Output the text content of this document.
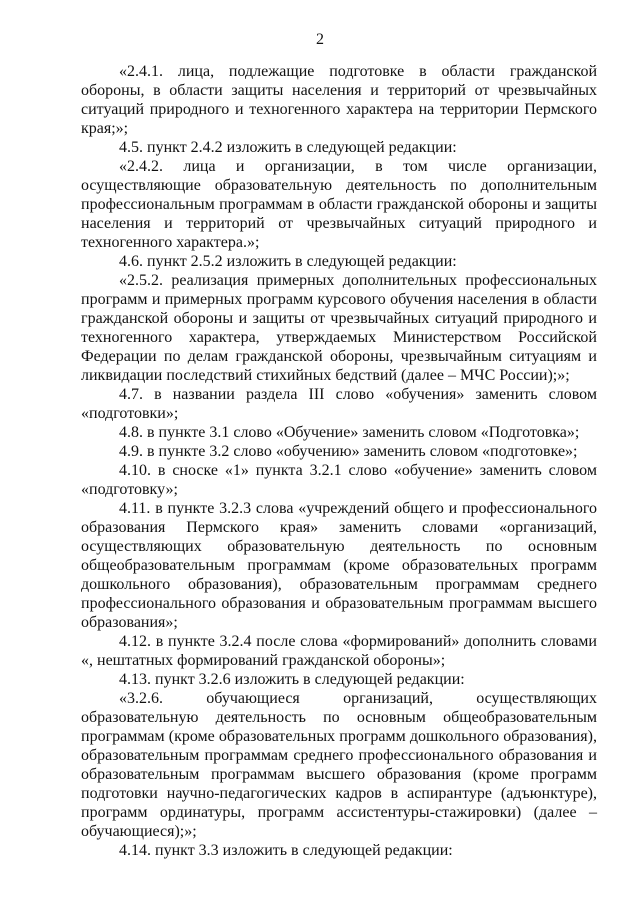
2

«2.4.1. лица, подлежащие подготовке в области гражданской обороны, в области защиты населения и территорий от чрезвычайных ситуаций природного и техногенного характера на территории Пермского края;»;

4.5. пункт 2.4.2 изложить в следующей редакции:

«2.4.2. лица и организации, в том числе организации, осуществляющие образовательную деятельность по дополнительным профессиональным программам в области гражданской обороны и защиты населения и территорий от чрезвычайных ситуаций природного и техногенного характера.»;

4.6. пункт 2.5.2 изложить в следующей редакции:

«2.5.2. реализация примерных дополнительных профессиональных программ и примерных программ курсового обучения населения в области гражданской обороны и защиты от чрезвычайных ситуаций природного и техногенного характера, утверждаемых Министерством Российской Федерации по делам гражданской обороны, чрезвычайным ситуациям и ликвидации последствий стихийных бедствий (далее – МЧС России);»;

4.7. в названии раздела III слово «обучения» заменить словом «подготовки»;

4.8. в пункте 3.1 слово «Обучение» заменить словом «Подготовка»;

4.9. в пункте 3.2 слово «обучению» заменить словом «подготовке»;

4.10. в сноске «1» пункта 3.2.1 слово «обучение» заменить словом «подготовку»;

4.11. в пункте 3.2.3 слова «учреждений общего и профессионального образования Пермского края» заменить словами «организаций, осуществляющих образовательную деятельность по основным общеобразовательным программам (кроме образовательных программ дошкольного образования), образовательным программам среднего профессионального образования и образовательным программам высшего образования»;

4.12. в пункте 3.2.4 после слова «формирований» дополнить словами «, нештатных формирований гражданской обороны»;

4.13. пункт 3.2.6 изложить в следующей редакции:

«3.2.6. обучающиеся организаций, осуществляющих образовательную деятельность по основным общеобразовательным программам (кроме образовательных программ дошкольного образования), образовательным программам среднего профессионального образования и образовательным программам высшего образования (кроме программ подготовки научно-педагогических кадров в аспирантуре (адъюнктуре), программ ординатуры, программ ассистентуры-стажировки) (далее – обучающиеся);»;

4.14. пункт 3.3 изложить в следующей редакции:
